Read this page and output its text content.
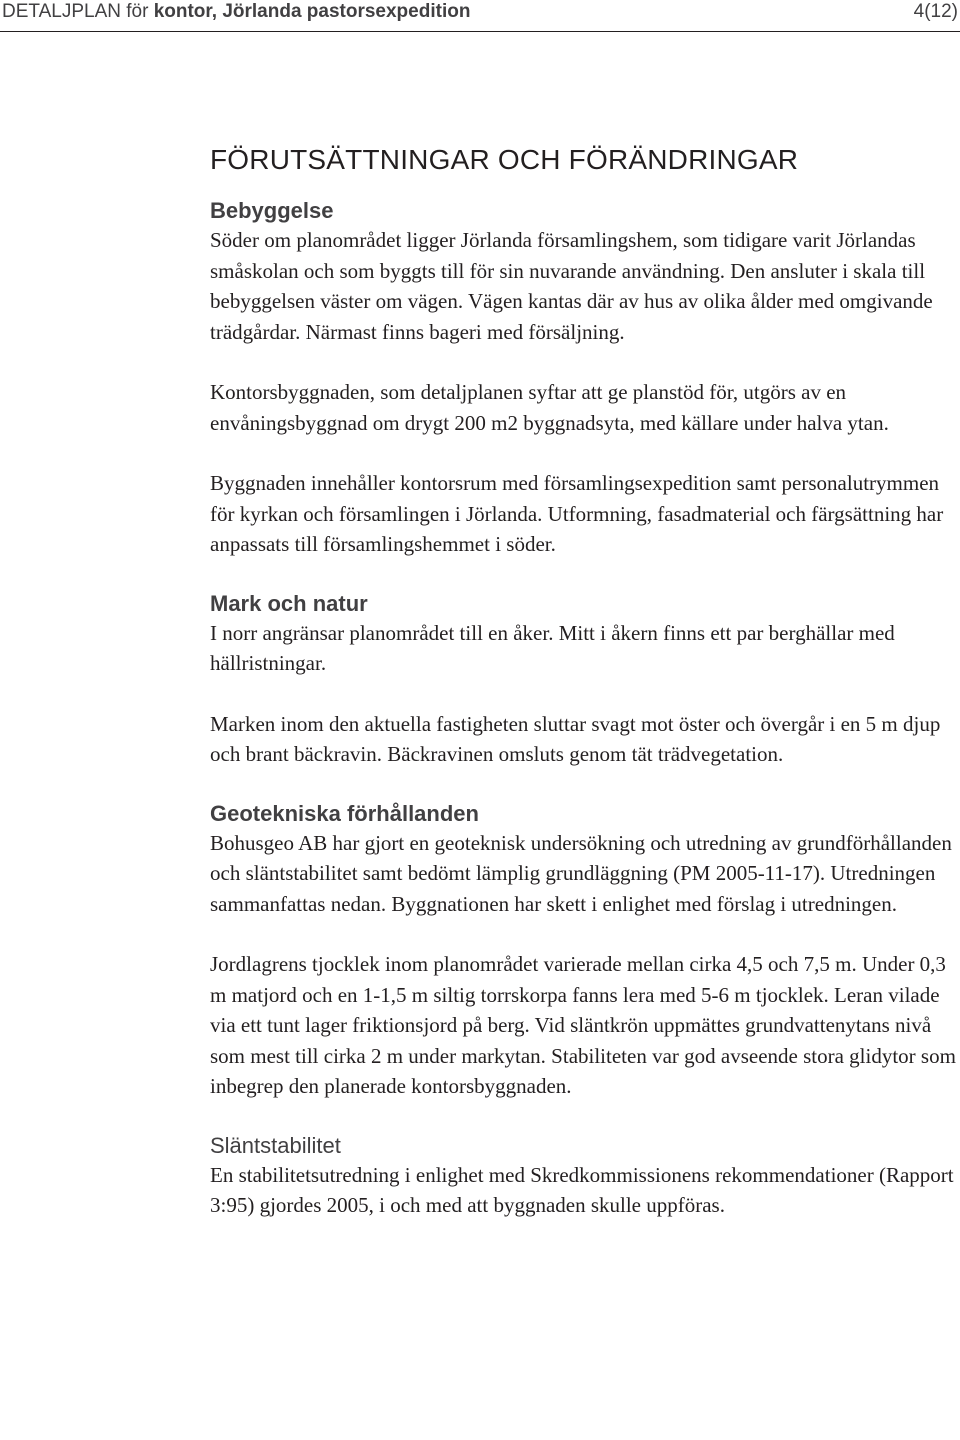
DETALJPLAN för kontor, Jörlanda pastorsexpedition	4(12)
FÖRUTSÄTTNINGAR OCH FÖRÄNDRINGAR
Bebyggelse

Söder om planområdet ligger Jörlanda församlingshem, som tidigare varit Jörlandas småskolan och som byggts till för sin nuvarande användning. Den ansluter i skala till bebyggelsen väster om vägen. Vägen kantas där av hus av olika ålder med omgivande trädgårdar. Närmast finns bageri med försäljning.

Kontorsbyggnaden, som detaljplanen syftar att ge planstöd för, utgörs av en envåningsbyggnad om drygt 200 m2 byggnadsyta, med källare under halva ytan.

Byggnaden innehåller kontorsrum med församlingsexpedition samt personalutrymmen för kyrkan och församlingen i Jörlanda. Utformning, fasadmaterial och färgsättning har anpassats till församlingshemmet i söder.

Mark och natur

I norr angränsar planområdet till en åker. Mitt i åkern finns ett par berghällar med hällristningar.

Marken inom den aktuella fastigheten sluttar svagt mot öster och övergår i en 5 m djup och brant bäckravin. Bäckravinen omsluts genom tät trädvegetation.

Geotekniska förhållanden

Bohusgeo AB har gjort en geoteknisk undersökning och utredning av grundförhållanden och släntstabilitet samt bedömt lämplig grundläggning (PM 2005-11-17). Utredningen sammanfattas nedan. Byggnationen har skett i enlighet med förslag i utredningen.

Jordlagrens tjocklek inom planområdet varierade mellan cirka 4,5 och 7,5 m. Under 0,3 m matjord och en 1-1,5 m siltig torrskorpa fanns lera med 5-6 m tjocklek. Leran vilade via ett tunt lager friktionsjord på berg. Vid släntkrön uppmättes grundvattenytans nivå som mest till cirka 2 m under markytan. Stabiliteten var god avseende stora glidytor som inbegrep den planerade kontorsbyggnaden.

Släntstabilitet

En stabilitetsutredning i enlighet med Skredkommissionens rekommendationer (Rapport 3:95) gjordes 2005, i och med att byggnaden skulle uppföras.
